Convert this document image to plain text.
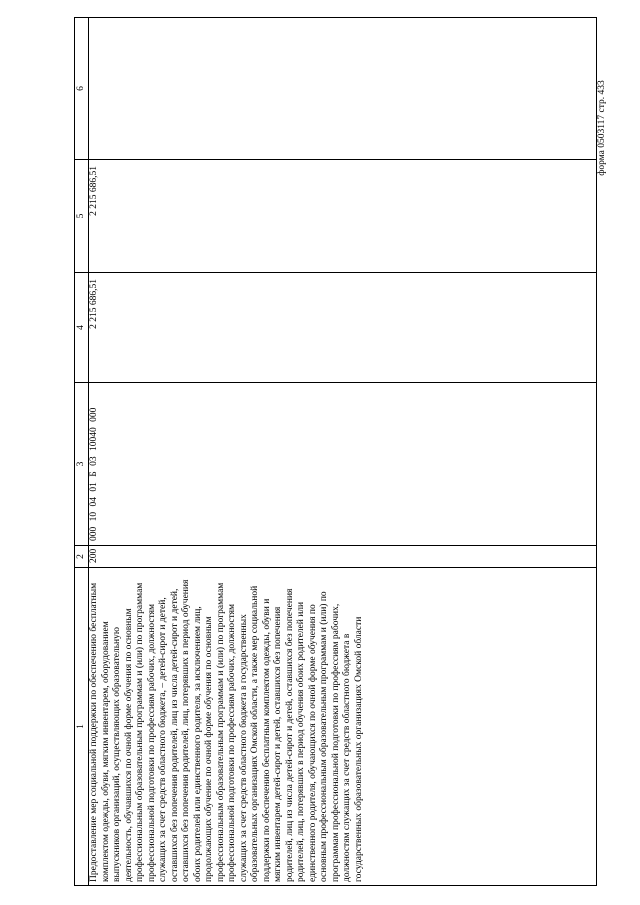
форма 0503117 стр. 433
1	2	3	4	5	6
Предоставление мер социальной поддержки по обеспечению бесплатным комплектом одежды, обуви, мягким инвентарем, оборудованием выпускников организаций, осуществляющих образовательную деятельность, обучавшихся по очной форме обучения по основным профессиональным образовательным программам и (или) по программам профессиональной подготовки по профессиям рабочих, должностям служащих за счет средств областного бюджета, – детей-сирот и детей, оставшихся без попечения родителей, лиц из числа детей-сирот и детей, оставшихся без попечения родителей, лиц, потерявших в период обучения обоих родителей или единственного родителя, за исключением лиц, продолжающих обучение по очной форме обучения по основным профессиональным образовательным программам и (или) по программам профессиональной подготовки по профессиям рабочих, должностям служащих за счет средств областного бюджета в государственных образовательных организациях Омской области, а также мер социальной поддержки по обеспечению бесплатным комплектом одежды, обуви и мягким инвентарем детей-сирот и детей, оставшихся без попечения родителей, лиц из числа детей-сирот и детей, оставшихся без попечения родителей, лиц, потерявших в период обучения обоих родителей или единственного родителя, обучающихся по очной форме обучения по основным профессиональным образовательным программам и (или) по программам профессиональной подготовки по профессиям рабочих, должностям служащих за счет средств областного бюджета в государственных образовательных организациях Омской области	200	000 10 04 01 Б 03 10040 000	2 215 686,51	2 215 686,51	
